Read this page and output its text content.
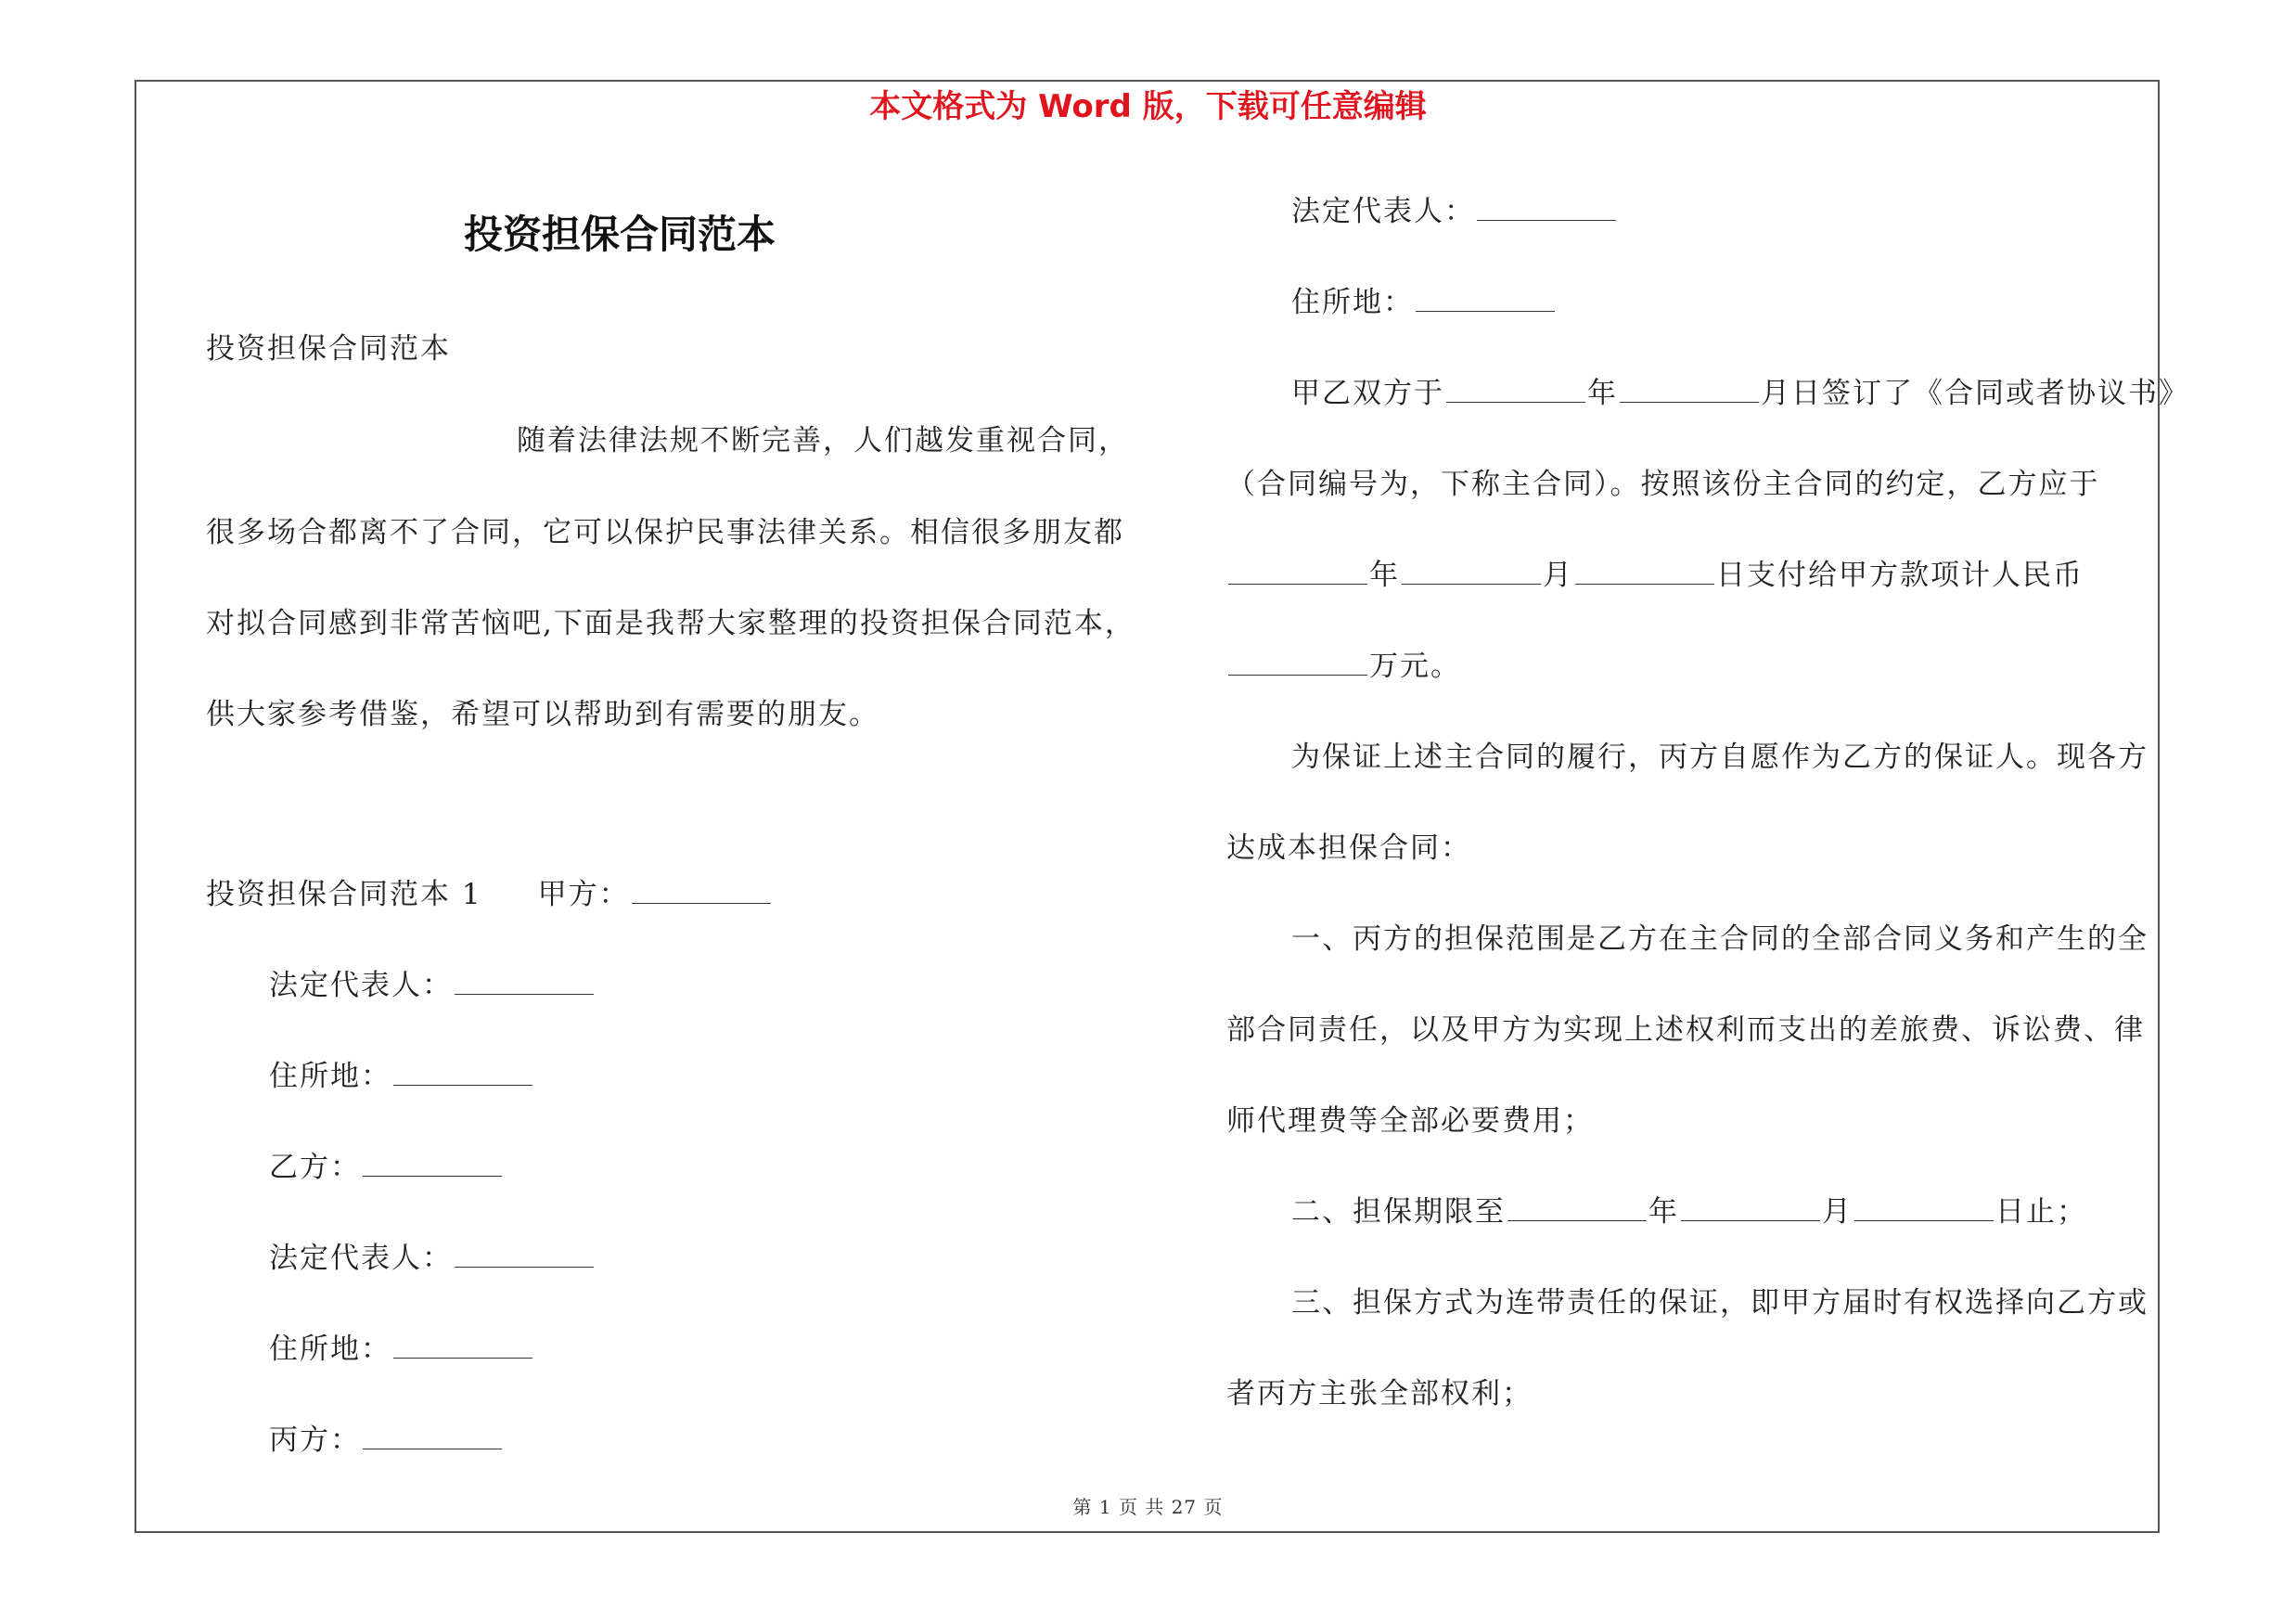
本文格式为 Word 版，下载可任意编辑
投资担保合同范本
投资担保合同范本
随着法律法规不断完善，人们越发重视合同，
很多场合都离不了合同，它可以保护民事法律关系。相信很多朋友都
对拟合同感到非常苦恼吧,下面是我帮大家整理的投资担保合同范本，
供大家参考借鉴，希望可以帮助到有需要的朋友。
投资担保合同范本 1 甲方：
法定代表人：
住所地：
乙方：
法定代表人：
住所地：
丙方：
法定代表人：
住所地：
甲乙双方于	年	月日签订了《合同或者协议书》
（合同编号为，下称主合同）。按照该份主合同的约定，乙方应于
年	月	日支付给甲方款项计人民币
万元。
为保证上述主合同的履行，丙方自愿作为乙方的保证人。现各方
达成本担保合同：
一、丙方的担保范围是乙方在主合同的全部合同义务和产生的全
部合同责任，以及甲方为实现上述权利而支出的差旅费、诉讼费、律
师代理费等全部必要费用；
二、担保期限至	年	月	日止；
三、担保方式为连带责任的保证，即甲方届时有权选择向乙方或
者丙方主张全部权利；
第 1 页 共 27 页
